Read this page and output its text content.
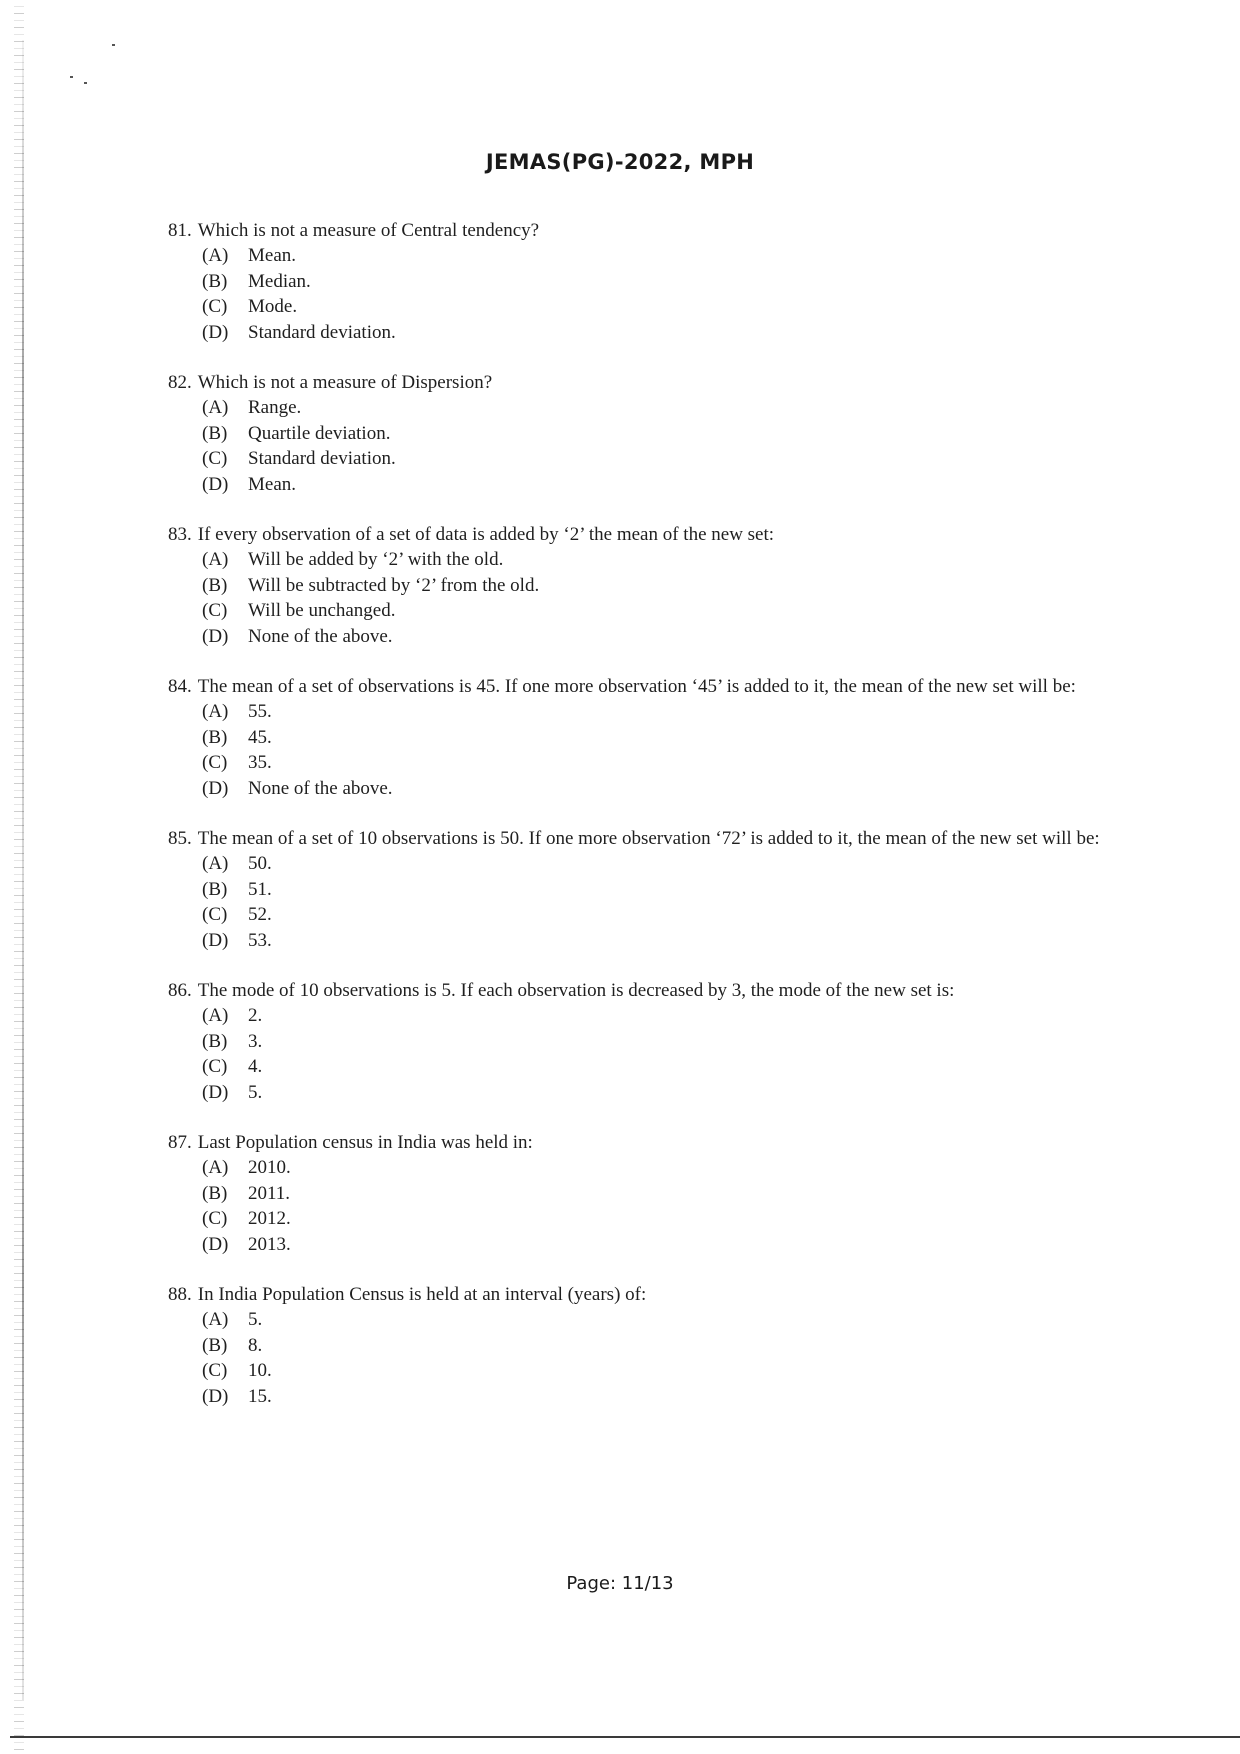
JEMAS(PG)-2022, MPH
81. Which is not a measure of Central tendency?
(A)	Mean.
(B)	Median.
(C)	Mode.
(D)	Standard deviation.
82. Which is not a measure of Dispersion?
(A)	Range.
(B)	Quartile deviation.
(C)	Standard deviation.
(D)	Mean.
83. If every observation of a set of data is added by ‘2’ the mean of the new set:
(A)	Will be added by ‘2’ with the old.
(B)	Will be subtracted by ‘2’ from the old.
(C)	Will be unchanged.
(D)	None of the above.
84. The mean of a set of observations is 45. If one more observation ‘45’ is added to it, the mean of the new set will be:
(A)	55.
(B)	45.
(C)	35.
(D)	None of the above.
85. The mean of a set of 10 observations is 50. If one more observation ‘72’ is added to it, the mean of the new set will be:
(A)	50.
(B)	51.
(C)	52.
(D)	53.
86. The mode of 10 observations is 5. If each observation is decreased by 3, the mode of the new set is:
(A)	2.
(B)	3.
(C)	4.
(D)	5.
87. Last Population census in India was held in:
(A)	2010.
(B)	2011.
(C)	2012.
(D)	2013.
88. In India Population Census is held at an interval (years) of:
(A)	5.
(B)	8.
(C)	10.
(D)	15.
Page: 11/13
